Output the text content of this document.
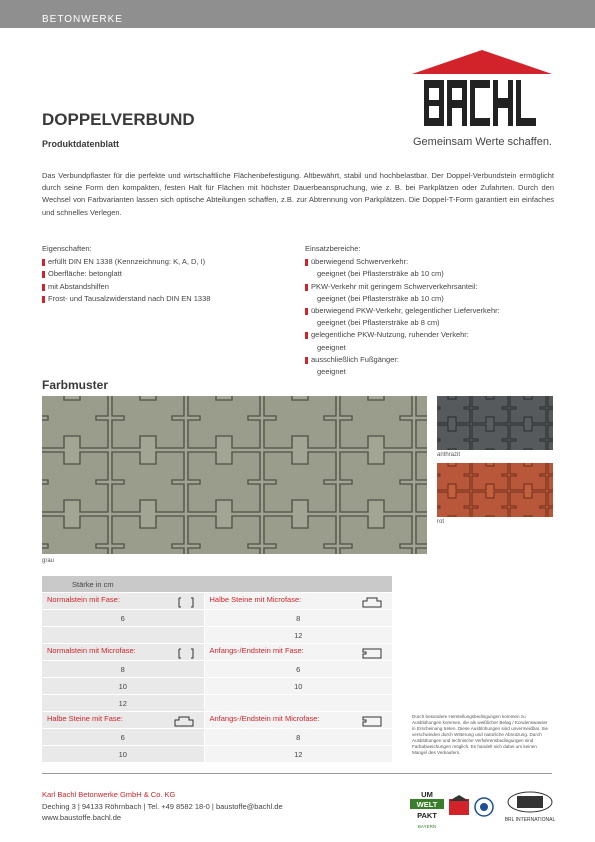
BETONWERKE
DOPPELVERBUND
Produktdatenblatt	Gemeinsam Werte schaffen.
Das Verbundpflaster für die perfekte und wirtschaftliche Flächenbefestigung. Altbewährt, stabil und hochbelastbar. Der Doppel-Verbundstein ermöglicht durch seine Form den kompakten, festen Halt für Flächen mit höchster Dauerbeanspruchung, wie z. B. bei Parkplätzen oder Zufahrten. Durch den Wechsel von Farbvarianten lassen sich optische Abteilungen schaffen, z.B. zur Abtrennung von Parkplätzen. Die Doppel-T-Form garantiert ein einfaches und schnelles Verlegen.
Eigenschaften:
erfüllt DIN EN 1338 (Kennzeichnung: K, A, D, I)
Oberfläche: betonglatt
mit Abstandshilfen
Frost- und Tausalzwiderstand nach DIN EN 1338
Einsatzbereiche:
überwiegend Schwerverkehr:
geeignet (bei Pflastersträke ab 10 cm)
PKW-Verkehr mit geringem Schwerverkehrsanteil:
geeignet (bei Pflastersträke ab 10 cm)
überwiegend PKW-Verkehr, gelegentlicher Lieferverkehr:
geeignet (bei Pflastersträke ab 8 cm)
gelegentliche PKW-Nutzung, ruhender Verkehr:
geeignet
ausschließlich Fußgänger:
geeignet
Farbmuster
grau
anthrazit
rot
Stärke in cm	
Normalstein mit Fase:	Halbe Steine mit Microfase:

6	8
	12
Normalstein mit Microfase:	Anfangs-/Endstein mit Fase:

8	6
10	10
12	
Halbe Steine mit Fase:	Anfangs-/Endstein mit Microfase:

6	8
10	12
Durch besondere Herstellungsbedingungen kommen zu Ausblühungen kommen, die als weißlicher Belag / Kondenswasser in Erscheinung treten. Diese Ausblühungen sind unvermeidbar. Sie verschwinden durch Witterung und natürliche Abnutzung. Durch Ausblühungen und technische Verfahrensbedingungen sind Farbabweichungen möglich. Es handelt sich dabei um keinen Mangel des Verkaufers.
Karl Bachl Betonwerke GmbH & Co. KG
Deching 3 | 94133 Röhrnbach | Tel. +49 8582 18-0 | baustoffe@bachl.de
www.baustoffe.bachl.de
UM
WELT
PAKT
BAYERN
BRL INTERNATIONAL
